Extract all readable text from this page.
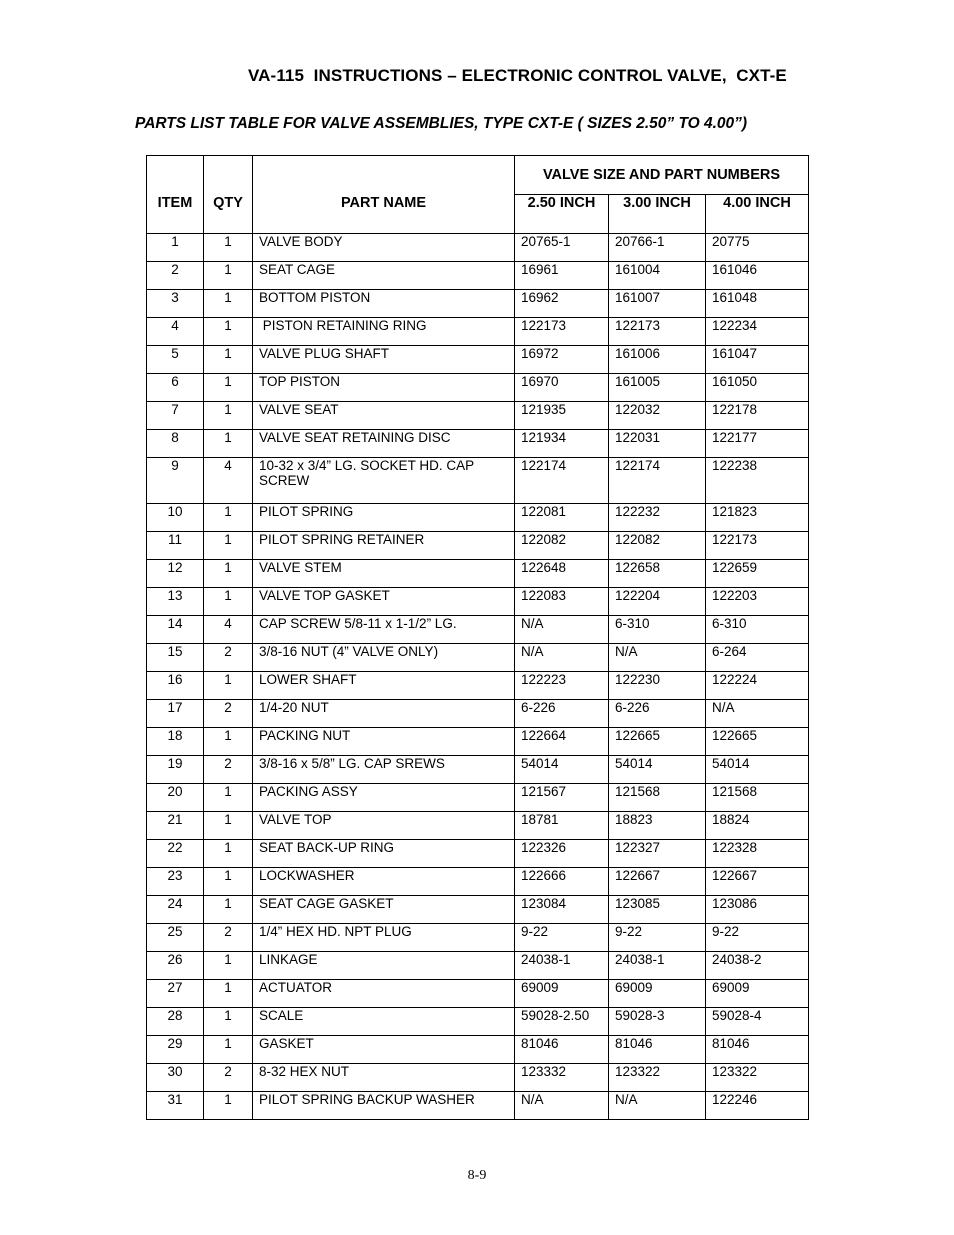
VA-115  INSTRUCTIONS – ELECTRONIC CONTROL VALVE,  CXT-E
PARTS LIST TABLE FOR VALVE ASSEMBLIES, TYPE CXT-E ( SIZES 2.50” TO 4.00”)
			VALVE SIZE AND PART NUMBERS		
ITEM	QTY	PART NAME	2.50 INCH	3.00 INCH	4.00 INCH
1	1	VALVE BODY	20765-1	20766-1	20775
2	1	SEAT CAGE	16961	161004	161046
3	1	BOTTOM PISTON	16962	161007	161048
4	1	PISTON RETAINING RING	122173	122173	122234
5	1	VALVE PLUG SHAFT	16972	161006	161047
6	1	TOP PISTON	16970	161005	161050
7	1	VALVE SEAT	121935	122032	122178
8	1	VALVE SEAT RETAINING DISC	121934	122031	122177
9	4	10-32 x 3/4” LG. SOCKET HD. CAP SCREW	122174	122174	122238
10	1	PILOT SPRING	122081	122232	121823
11	1	PILOT SPRING RETAINER	122082	122082	122173
12	1	VALVE STEM	122648	122658	122659
13	1	VALVE TOP GASKET	122083	122204	122203
14	4	CAP SCREW 5/8-11 x 1-1/2” LG.	N/A	6-310	6-310
15	2	3/8-16 NUT (4” VALVE ONLY)	N/A	N/A	6-264
16	1	LOWER SHAFT	122223	122230	122224
17	2	1/4-20 NUT	6-226	6-226	N/A
18	1	PACKING NUT	122664	122665	122665
19	2	3/8-16 x 5/8” LG. CAP SREWS	54014	54014	54014
20	1	PACKING ASSY	121567	121568	121568
21	1	VALVE TOP	18781	18823	18824
22	1	SEAT BACK-UP RING	122326	122327	122328
23	1	LOCKWASHER	122666	122667	122667
24	1	SEAT CAGE GASKET	123084	123085	123086
25	2	1/4” HEX HD. NPT PLUG	9-22	9-22	9-22
26	1	LINKAGE	24038-1	24038-1	24038-2
27	1	ACTUATOR	69009	69009	69009
28	1	SCALE	59028-2.50	59028-3	59028-4
29	1	GASKET	81046	81046	81046
30	2	8-32 HEX NUT	123332	123322	123322
31	1	PILOT SPRING BACKUP WASHER	N/A	N/A	122246
8-9
